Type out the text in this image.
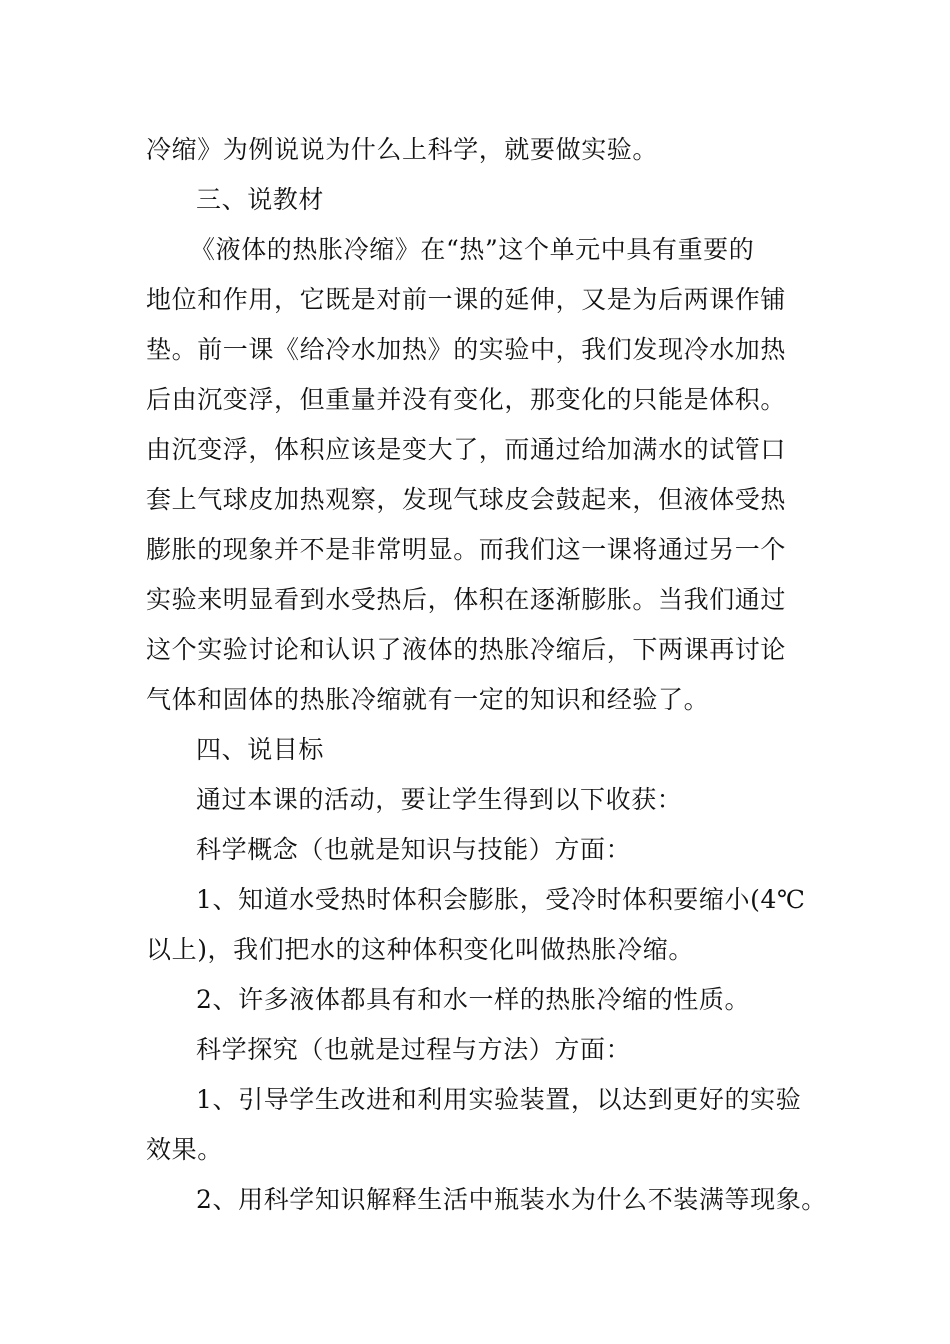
冷缩》为例说说为什么上科学，就要做实验。
三、说教材
《液体的热胀冷缩》在“热”这个单元中具有重要的
地位和作用，它既是对前一课的延伸，又是为后两课作铺
垫。前一课《给冷水加热》的实验中，我们发现冷水加热
后由沉变浮，但重量并没有变化，那变化的只能是体积。
由沉变浮，体积应该是变大了，而通过给加满水的试管口
套上气球皮加热观察，发现气球皮会鼓起来，但液体受热
膨胀的现象并不是非常明显。而我们这一课将通过另一个
实验来明显看到水受热后，体积在逐渐膨胀。当我们通过
这个实验讨论和认识了液体的热胀冷缩后，下两课再讨论
气体和固体的热胀冷缩就有一定的知识和经验了。
四、说目标
通过本课的活动，要让学生得到以下收获：
科学概念（也就是知识与技能）方面：
1、知道水受热时体积会膨胀，受冷时体积要缩小(4℃
以上)，我们把水的这种体积变化叫做热胀冷缩。
2、许多液体都具有和水一样的热胀冷缩的性质。
科学探究（也就是过程与方法）方面：
1、引导学生改进和利用实验装置，以达到更好的实验
效果。
2、用科学知识解释生活中瓶装水为什么不装满等现象。
